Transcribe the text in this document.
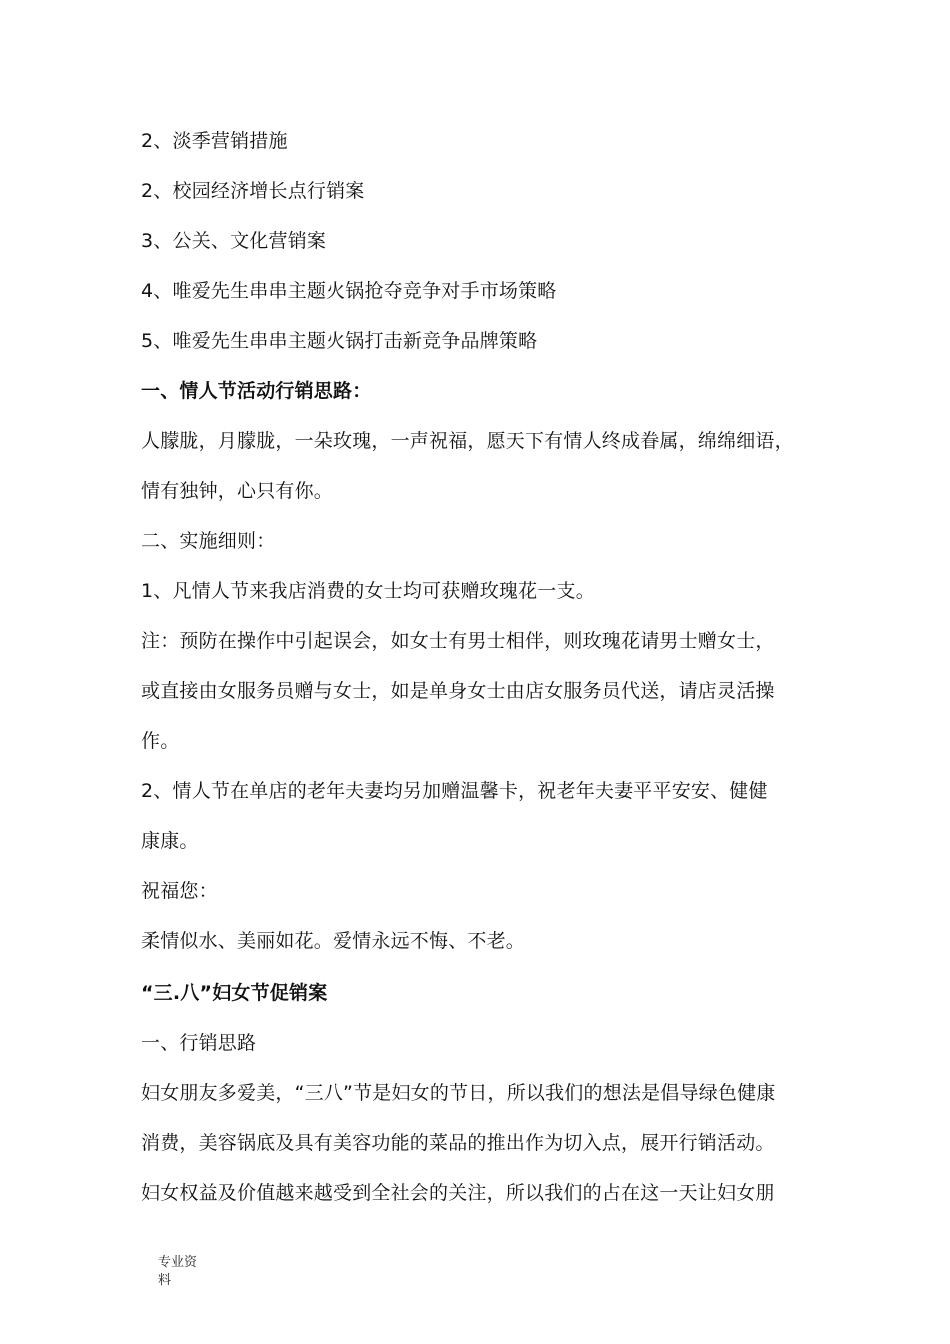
2、淡季营销措施
2、校园经济增长点行销案
3、公关、文化营销案
4、唯爱先生串串主题火锅抢夺竞争对手市场策略
5、唯爱先生串串主题火锅打击新竞争品牌策略
一、情人节活动行销思路：
人朦胧，月朦胧，一朵玫瑰，一声祝福，愿天下有情人终成眷属，绵绵细语，
情有独钟，心只有你。
二、实施细则：
1、凡情人节来我店消费的女士均可获赠玫瑰花一支。
注：预防在操作中引起误会，如女士有男士相伴，则玫瑰花请男士赠女士，
或直接由女服务员赠与女士，如是单身女士由店女服务员代送，请店灵活操
作。
2、情人节在单店的老年夫妻均另加赠温馨卡，祝老年夫妻平平安安、健健
康康。
祝福您：
柔情似水、美丽如花。爱情永远不悔、不老。
“三.八”妇女节促销案
一、行销思路
妇女朋友多爱美，“三八”节是妇女的节日，所以我们的想法是倡导绿色健康
消费，美容锅底及具有美容功能的菜品的推出作为切入点，展开行销活动。
妇女权益及价值越来越受到全社会的关注，所以我们的占在这一天让妇女朋
专业资
料
